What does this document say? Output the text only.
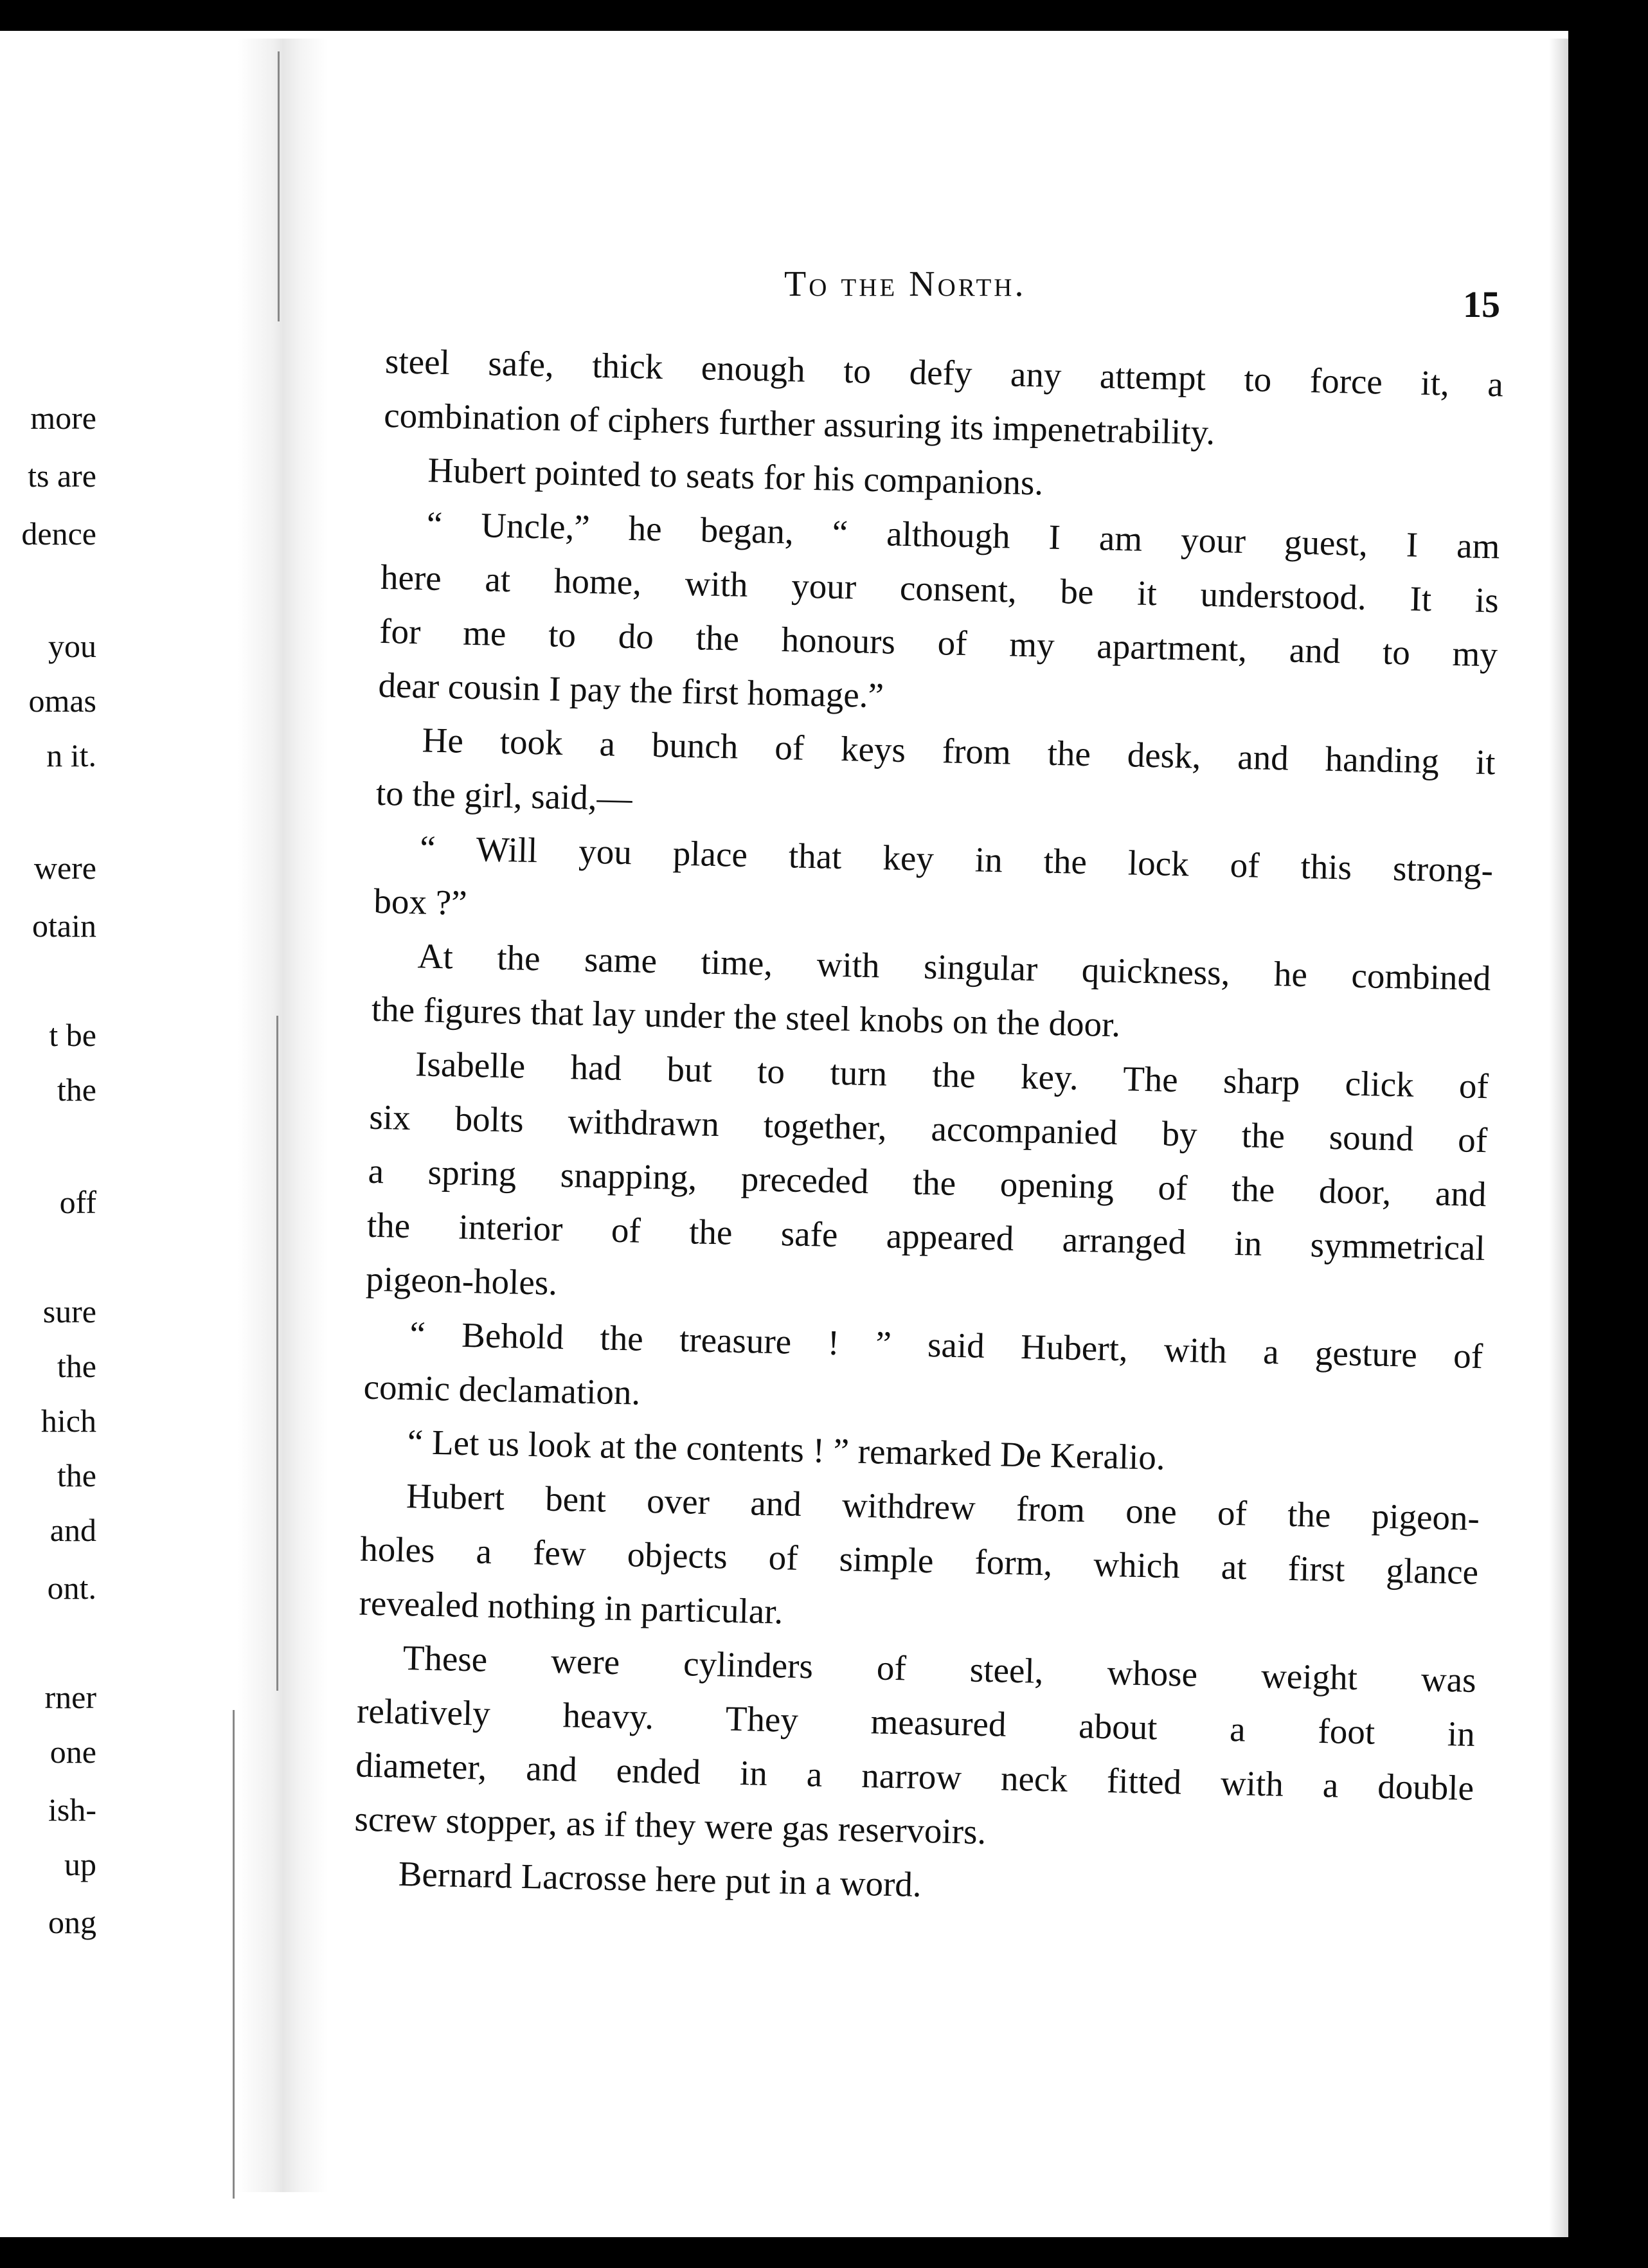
more
ts are
dence
you
omas
n it.
were
otain
t be
the
off
sure
the
hich
the
and
ont.
rner
one
ish-
up
ong
To the North.	15
steel safe, thick enough to defy any attempt to force it, a
combination of ciphers further assuring its impenetrability.
Hubert pointed to seats for his companions.
“ Uncle,” he began, “ although I am your guest, I am
here at home, with your consent, be it understood. It is
for me to do the honours of my apartment, and to my
dear cousin I pay the first homage.”
He took a bunch of keys from the desk, and handing it
to the girl, said,—
“ Will you place that key in the lock of this strong-
box ?”
At the same time, with singular quickness, he combined
the figures that lay under the steel knobs on the door.
Isabelle had but to turn the key. The sharp click of
six bolts withdrawn together, accompanied by the sound of
a spring snapping, preceded the opening of the door, and
the interior of the safe appeared arranged in symmetrical
pigeon-holes.
“ Behold the treasure ! ” said Hubert, with a gesture of
comic declamation.
“ Let us look at the contents ! ” remarked De Keralio.
Hubert bent over and withdrew from one of the pigeon-
holes a few objects of simple form, which at first glance
revealed nothing in particular.
These were cylinders of steel, whose weight was
relatively heavy. They measured about a foot in
diameter, and ended in a narrow neck fitted with a double
screw stopper, as if they were gas reservoirs.
Bernard Lacrosse here put in a word.
